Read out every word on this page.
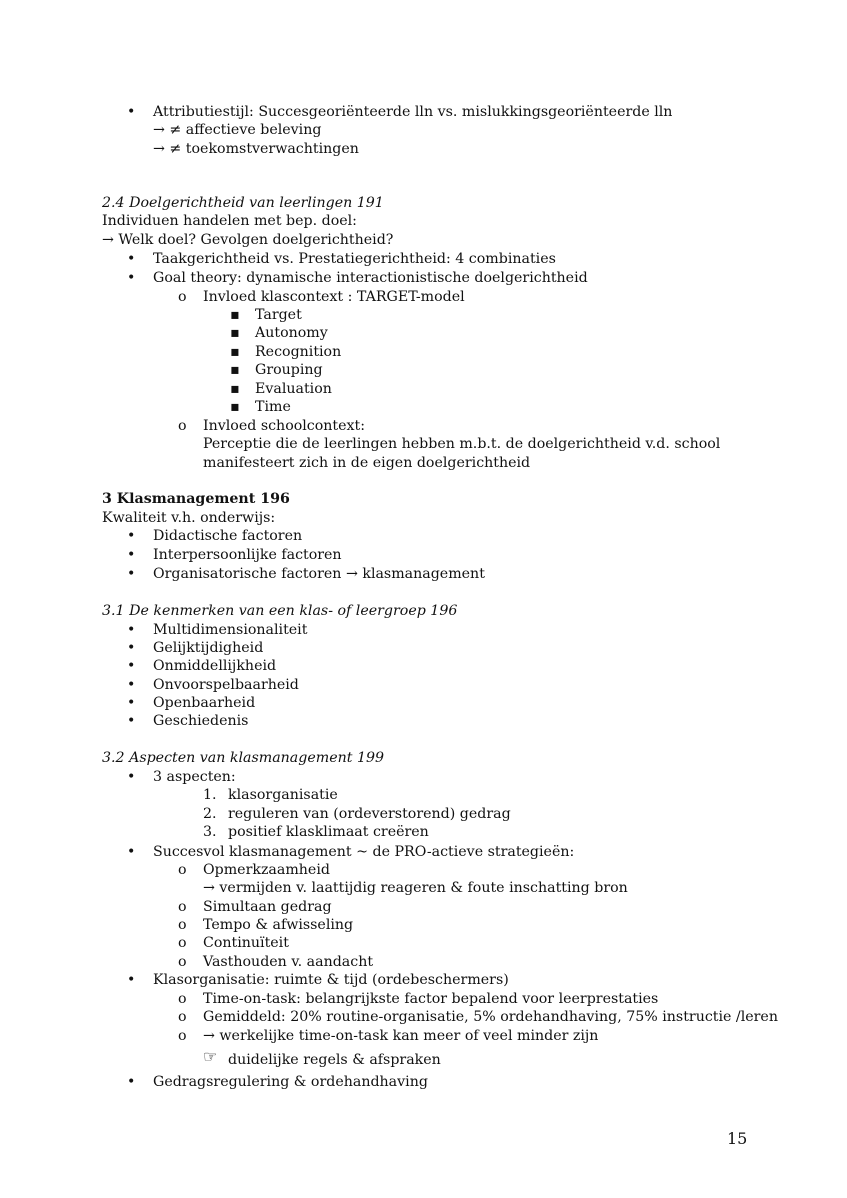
• Attributiestijl: Succesgeoriënteerde lln vs. mislukkingsgeoriënteerde lln
→ ≠ affectieve beleving
→ ≠ toekomstverwachtingen
2.4 Doelgerichtheid van leerlingen 191
Individuen handelen met bep. doel:
→ Welk doel? Gevolgen doelgerichtheid?
• Taakgerichtheid vs. Prestatiegerichtheid: 4 combinaties
• Goal theory: dynamische interactionistische doelgerichtheid
o Invloed klascontext : TARGET-model
▪ Target
▪ Autonomy
▪ Recognition
▪ Grouping
▪ Evaluation
▪ Time
o Invloed schoolcontext:
Perceptie die de leerlingen hebben m.b.t. de doelgerichtheid v.d. school
manifesteert zich in de eigen doelgerichtheid
3 Klasmanagement 196
Kwaliteit v.h. onderwijs:
• Didactische factoren
• Interpersoonlijke factoren
• Organisatorische factoren → klasmanagement
3.1 De kenmerken van een klas- of leergroep 196
• Multidimensionaliteit
• Gelijktijdigheid
• Onmiddellijkheid
• Onvoorspelbaarheid
• Openbaarheid
• Geschiedenis
3.2 Aspecten van klasmanagement 199
• 3 aspecten:
1. klasorganisatie
2. reguleren van (ordeverstorend) gedrag
3. positief klasklimaat creëren
• Succesvol klasmanagement ~ de PRO-actieve strategieën:
o Opmerkzaamheid
→ vermijden v. laattijdig reageren & foute inschatting bron
o Simultaan gedrag
o Tempo & afwisseling
o Continuïteit
o Vasthouden v. aandacht
• Klasorganisatie: ruimte & tijd (ordebeschermers)
o Time-on-task: belangrijkste factor bepalend voor leerprestaties
o Gemiddeld: 20% routine-organisatie, 5% ordehandhaving, 75% instructie /leren
o → werkelijke time-on-task kan meer of veel minder zijn
☞ duidelijke regels & afspraken
• Gedragsregulering & ordehandhaving
15
